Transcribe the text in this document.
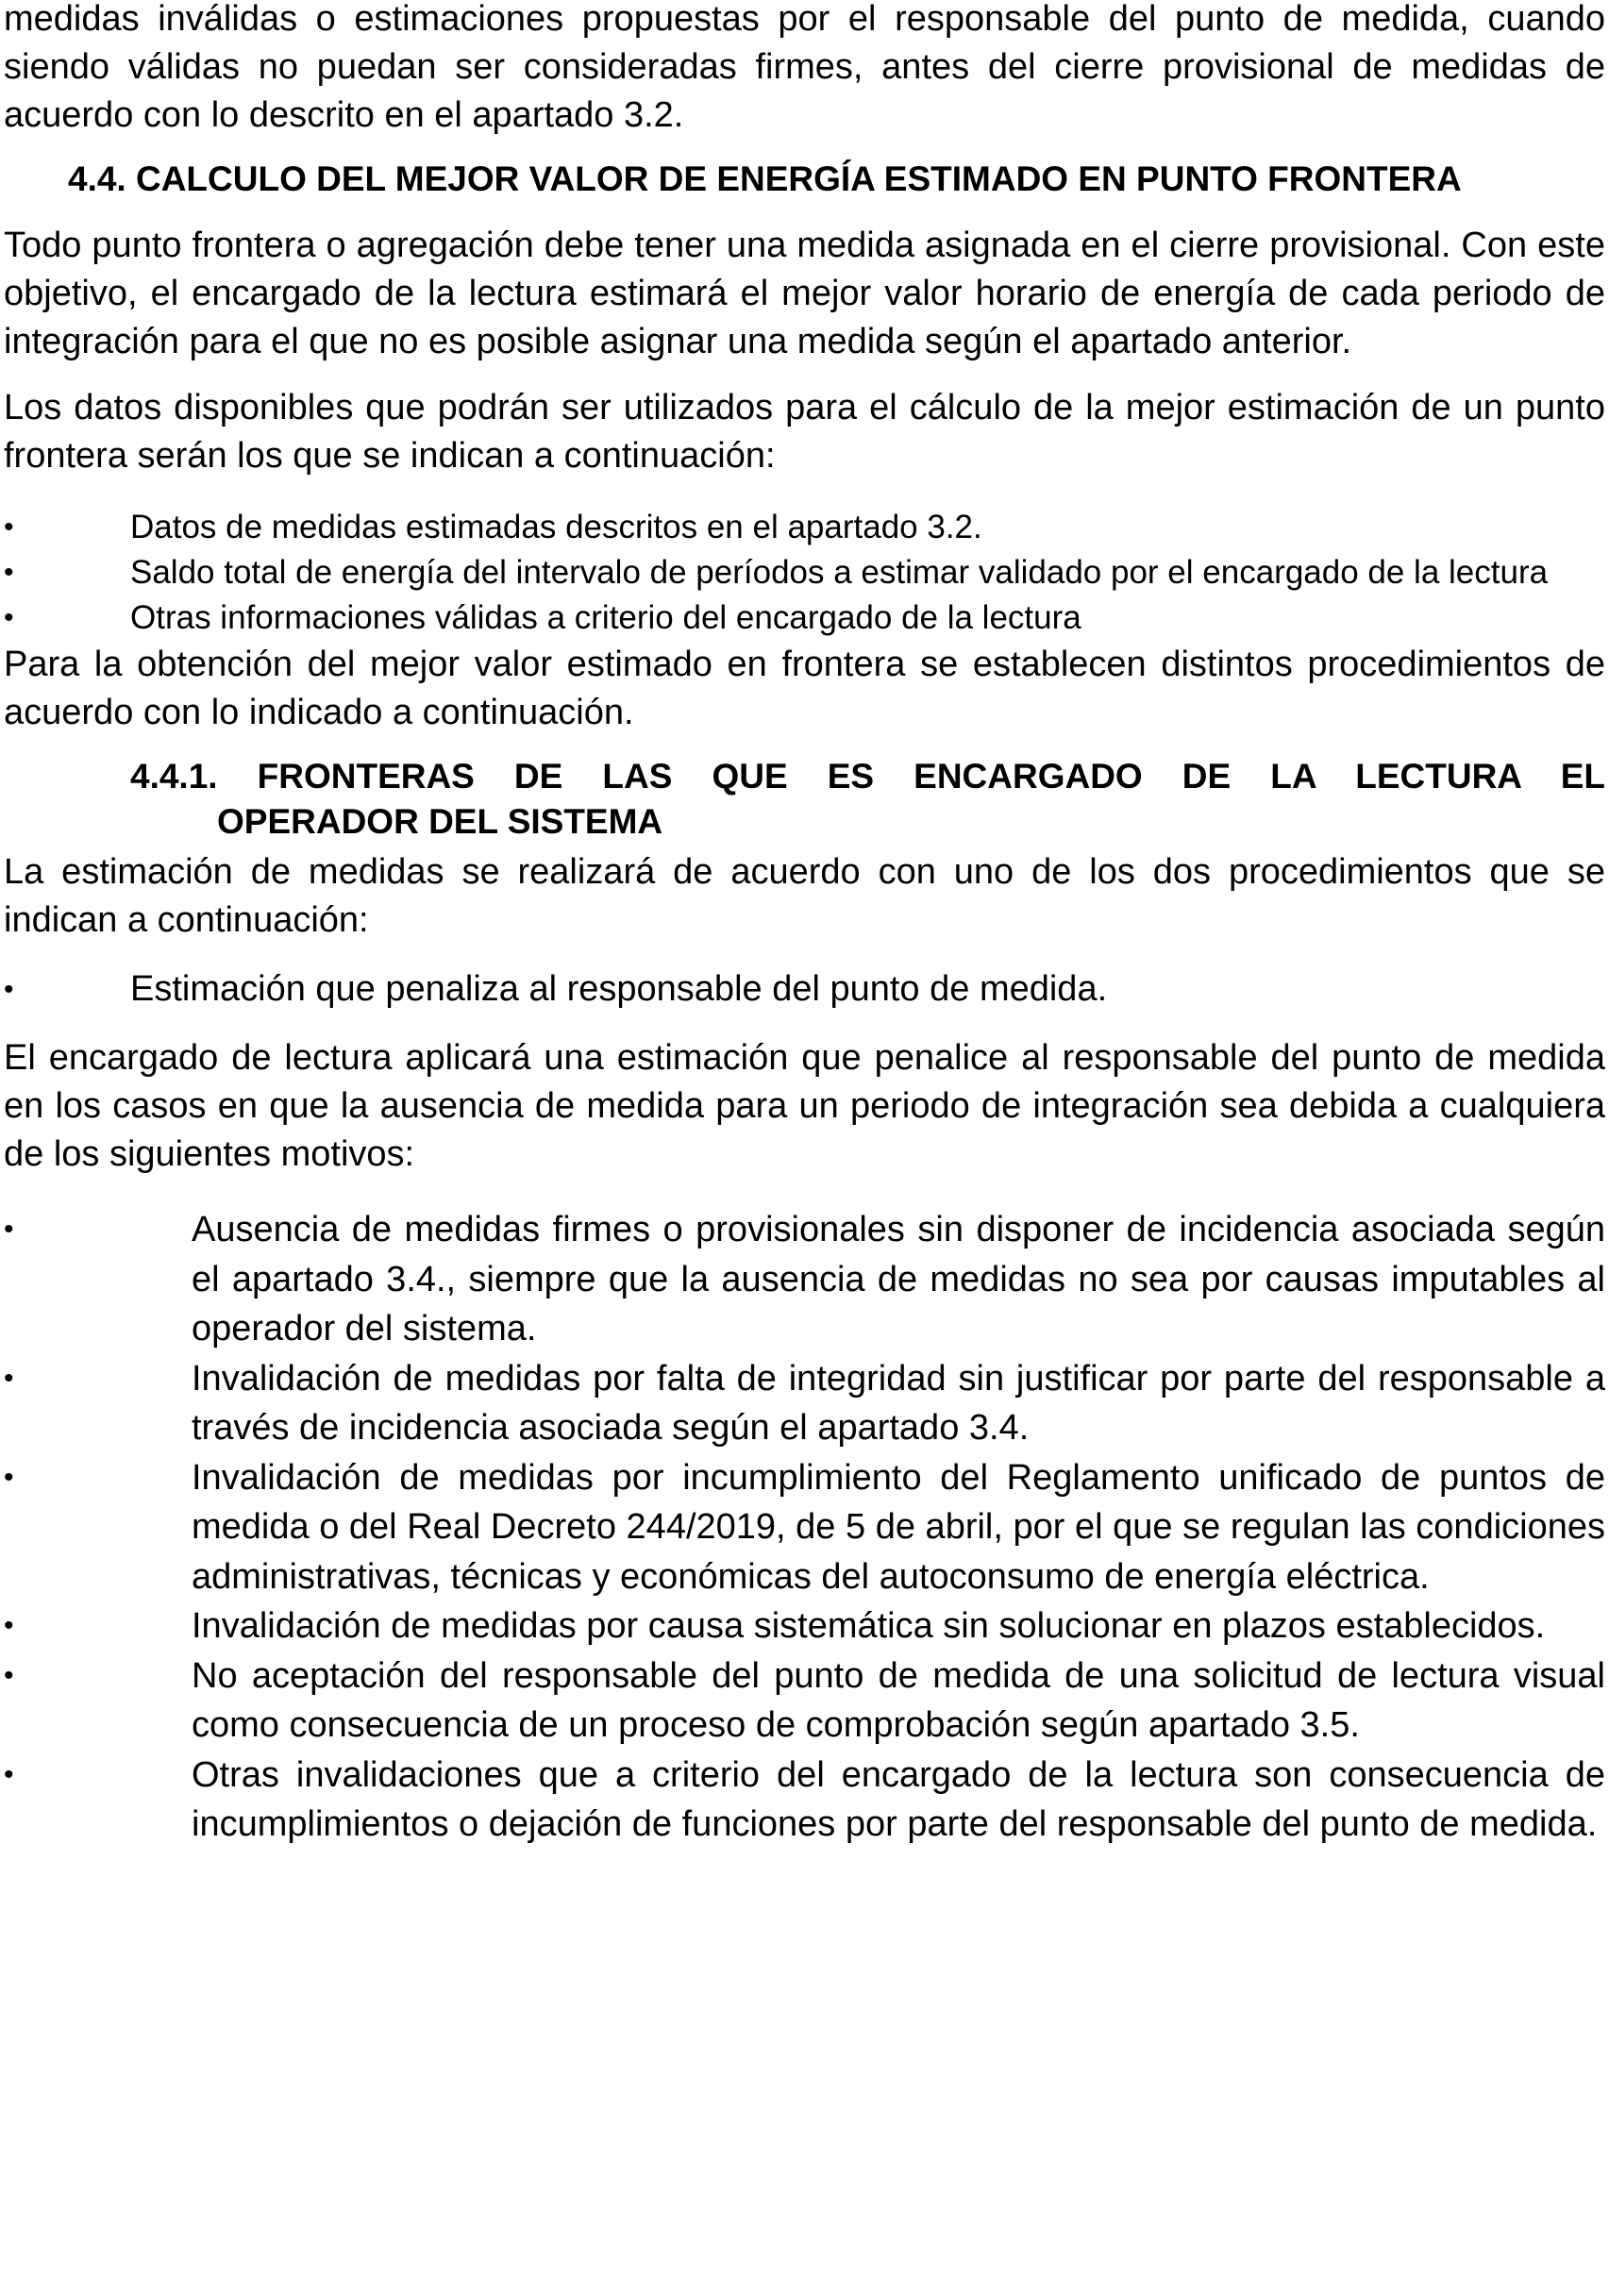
medidas inválidas o estimaciones propuestas por el responsable del punto de medida, cuando siendo válidas no puedan ser consideradas firmes, antes del cierre provisional de medidas de acuerdo con lo descrito en el apartado 3.2.

4.4. CALCULO DEL MEJOR VALOR DE ENERGÍA ESTIMADO EN PUNTO FRONTERA

Todo punto frontera o agregación debe tener una medida asignada en el cierre provisional. Con este objetivo, el encargado de la lectura estimará el mejor valor horario de energía de cada periodo de integración para el que no es posible asignar una medida según el apartado anterior.

Los datos disponibles que podrán ser utilizados para el cálculo de la mejor estimación de un punto frontera serán los que se indican a continuación:

•	Datos de medidas estimadas descritos en el apartado 3.2.
•	Saldo total de energía del intervalo de períodos a estimar validado por el encargado de la lectura
•	Otras informaciones válidas a criterio del encargado de la lectura

Para la obtención del mejor valor estimado en frontera se establecen distintos procedimientos de acuerdo con lo indicado a continuación.

4.4.1. FRONTERAS DE LAS QUE ES ENCARGADO DE LA LECTURA EL

OPERADOR DEL SISTEMA

La estimación de medidas se realizará de acuerdo con uno de los dos procedimientos que se indican a continuación:

•	Estimación que penaliza al responsable del punto de medida.

El encargado de lectura aplicará una estimación que penalice al responsable del punto de medida en los casos en que la ausencia de medida para un periodo de integración sea debida a cualquiera de los siguientes motivos:

•	Ausencia de medidas firmes o provisionales sin disponer de incidencia asociada según el apartado 3.4., siempre que la ausencia de medidas no sea por causas imputables al operador del sistema.
•	Invalidación de medidas por falta de integridad sin justificar por parte del responsable a través de incidencia asociada según el apartado 3.4.
•	Invalidación de medidas por incumplimiento del Reglamento unificado de puntos de medida o del Real Decreto 244/2019, de 5 de abril, por el que se regulan las condiciones administrativas, técnicas y económicas del autoconsumo de energía eléctrica.
•	Invalidación de medidas por causa sistemática sin solucionar en plazos establecidos.
•	No aceptación del responsable del punto de medida de una solicitud de lectura visual como consecuencia de un proceso de comprobación según apartado 3.5.
•	Otras invalidaciones que a criterio del encargado de la lectura son consecuencia de incumplimientos o dejación de funciones por parte del responsable del punto de medida.
